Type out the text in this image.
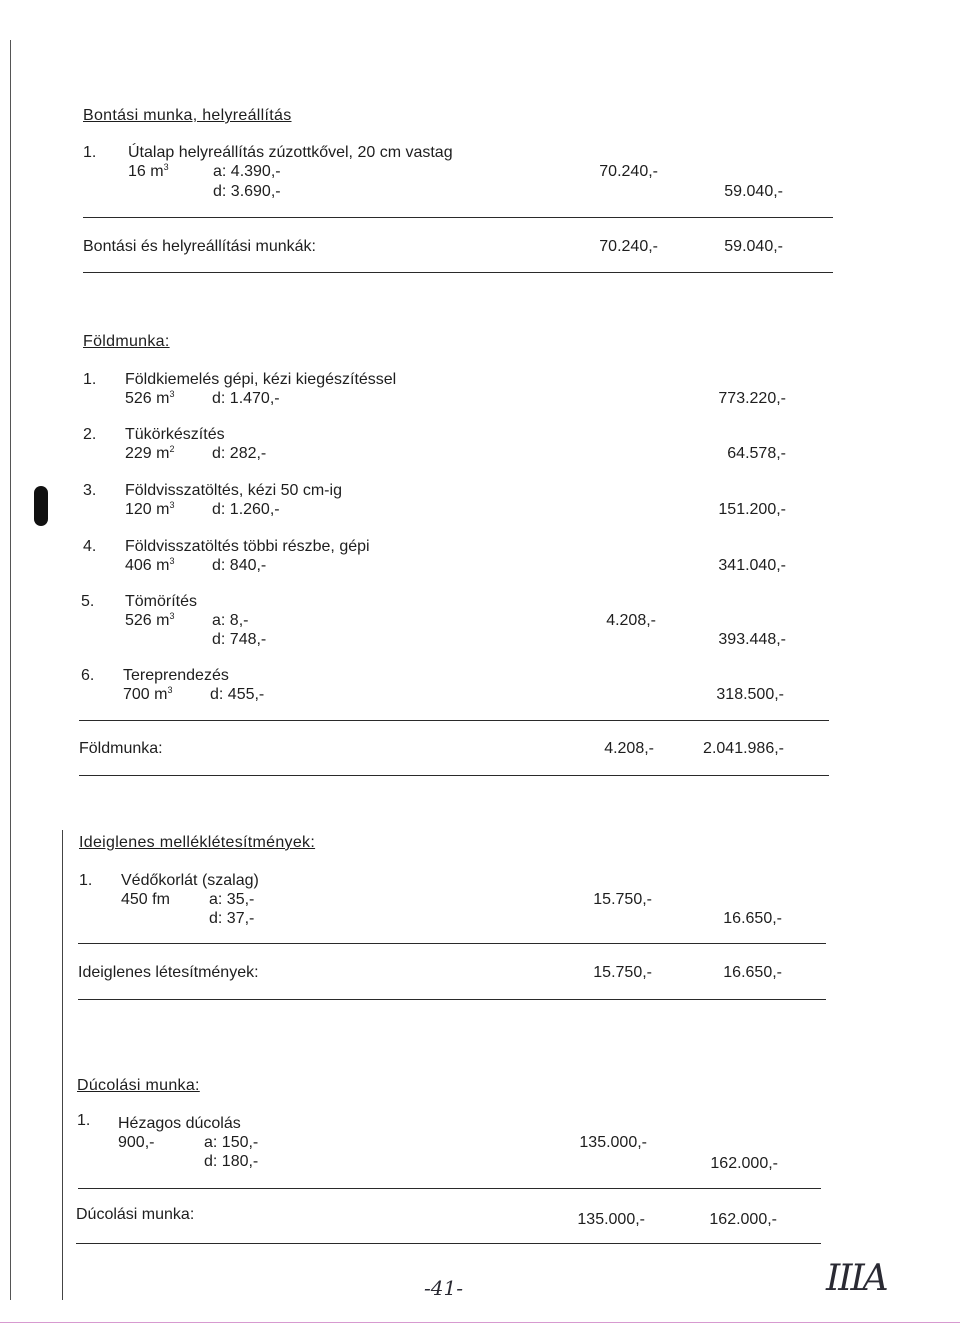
Bontási munka, helyreállítás
1. Útalap helyreállítás zúzottkővel, 20 cm vastag
16 $m^3$	a: 4.390,-	70.240,-
d: 3.690,-	59.040,-
Bontási és helyreállítási munkák:	70.240,-	59.040,-
Földmunka:
1. Földkiemelés gépi, kézi kiegészítéssel
526 $m^3$ d: 1.470,-	773.220,-
2. Tükörkészítés
229 $m^2$ d: 282,-	64.578,-
3. Földvisszatöltés, kézi 50 cm-ig
120 $m^3$ d: 1.260,-	151.200,-
4. Földvisszatöltés többi részbe, gépi
406 $m^3$ d: 840,-	341.040,-
5. Tömörítés
526 $m^3$ a: 8,-	4.208,-
d: 748,-	393.448,-
6. Tereprendezés
700 $m^3$ d: 455,-	318.500,-
Földmunka:	4.208,-	2.041.986,-
Ideiglenes melléklétesítmények:
1. Védőkorlát (szalag)
450 fm a: 35,-	15.750,-
d: 37,-	16.650,-
Ideiglenes létesítmények:	15.750,-	16.650,-
Dúcolási munka:
1. Hézagos dúcolás
900,-	a: 150,-	135.000,-
d: 180,-	162.000,-
Dúcolási munka:	135.000,-	162.000,-
-41-	IIIA
